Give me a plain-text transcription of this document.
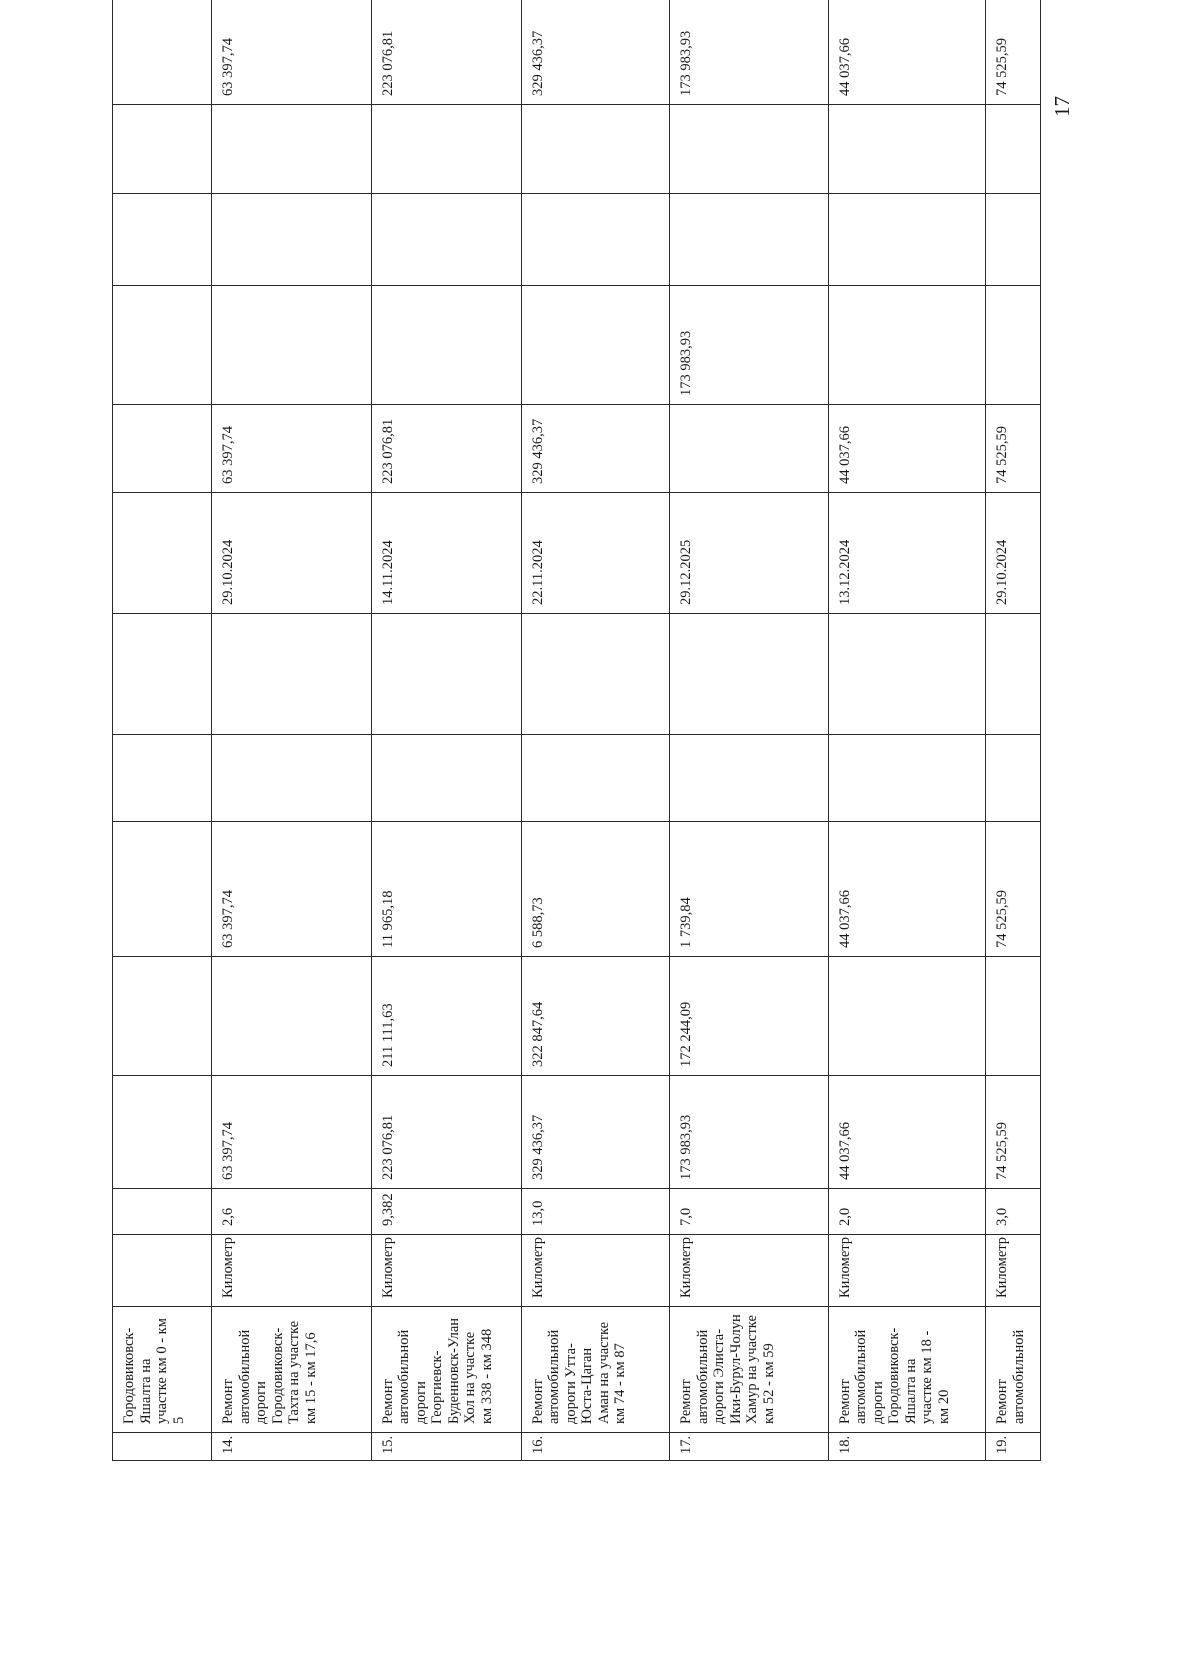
	Городовиковск-Яшалта на участке км 0 - км 5													
14.	Ремонт автомобильной дороги Городовиковск-Тахта на участке км 15 - км 17,6	Километр	2,6	63 397,74		63 397,74			29.10.2024	63 397,74				63 397,74
15.	Ремонт автомобильной дороги Георгиевск-Буденновск-Улан Хол на участке км 338 - км 348	Километр	9,382	223 076,81	211 111,63	11 965,18			14.11.2024	223 076,81				223 076,81
16.	Ремонт автомобильной дороги Утта-Юста-Цаган Аман на участке км 74 - км 87	Километр	13,0	329 436,37	322 847,64	6 588,73			22.11.2024	329 436,37				329 436,37
17.	Ремонт автомобильной дороги Элиста-Ики-Бурул-Чолун Хамур на участке км 52 - км 59	Километр	7,0	173 983,93	172 244,09	1 739,84			29.12.2025		173 983,93			173 983,93
18.	Ремонт автомобильной дороги Городовиковск-Яшалта на участке км 18 - км 20	Километр	2,0	44 037,66		44 037,66			13.12.2024	44 037,66				44 037,66
19.	Ремонт автомобильной	Километр	3,0	74 525,59		74 525,59			29.10.2024	74 525,59				74 525,59
17
